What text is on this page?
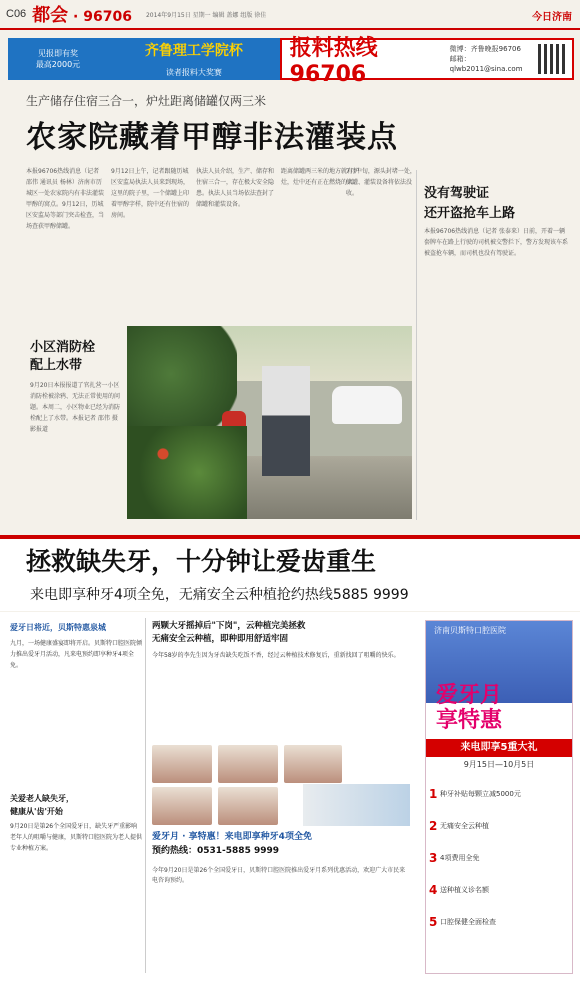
C06 都会 · 96706 2014年9月15日 星期一 编辑 盖娜 组版 徐佳	今日济南
见报即有奖
最高2000元
齐鲁理工学院杯
读者报料大奖赛
报料热线 96706
微博：齐鲁晚报96706
邮箱：qlwb2011@sina.com
生产储存住宿三合一，炉灶距离储罐仅两三米
农家院藏着甲醇非法灌装点
本报96706热线消息（记者 邵伟 通讯员 杨林）济南市历城区一处农家院内有非法灌装甲醇的窝点。9月12日，历城区安监局等部门突击检查，当场查获甲醇储罐。
9月12日上午，记者跟随历城区安监局执法人员来到现场，这里的院子里，一个储罐上印着甲醇字样，院中还有住宿的房间。
执法人员介绍，生产、储存和住宿三合一，存在极大安全隐患。执法人员当场依法查封了储罐和灌装设备。
距离储罐两三米的地方就有炉灶，灶中还有正在燃烧的火。
7月中旬，源头封堵一处，储罐、灌装设备将依法没收。	没有驾驶证
还开盗抢车上路
本报96706热线消息（记者 张泰来）日前，开着一辆套牌车在路上行驶的司机被交警拦下，警方发现该车系被盗抢车辆，而司机也没有驾驶证。
小区消防栓
配上水带
9月20日本报报道了官扎营一小区消防栓被涂鸦、无法正常使用的问题。本周二，小区物业已经为消防栓配上了水带。本报记者 邵伟 摄影报道
拯救缺失牙，十分钟让爱齿重生
来电即享种牙4项全免，无痛安全云种植抢约热线5885 9999
爱牙日将近，贝斯特惠泉城
九月，一场健康盛宴即将开启。贝斯特口腔医院倾力推出爱牙月活动，凡来电预约即享种牙4项全免。
关爱老人缺失牙，
健康从'齿'开始
9月20日是第26个全国爱牙日，缺失牙严重影响老年人的咀嚼与健康，贝斯特口腔医院为老人提供专业种植方案。
两颗大牙摇掉后"下岗"，云种植完美拯救
无痛安全云种植，即种即用舒适牢固
今年58岁的李先生因为牙齿缺失吃饭不香，经过云种植技术修复后，重新找回了咀嚼的快乐。
爱牙月 · 享特惠！来电即享种牙4项全免
预约热线：0531-5885 9999
今年9月20日是第26个全国爱牙日，贝斯特口腔医院推出爱牙月系列优惠活动，欢迎广大市民来电咨询预约。
济南贝斯特口腔医院
爱牙月
享特惠
来电即享5重大礼
9月15日—10月5日
1 种牙补贴每颗立减5000元
2 无痛安全云种植
3 4项费用全免
4 送种植义诊名额
5 口腔保健全面检查
